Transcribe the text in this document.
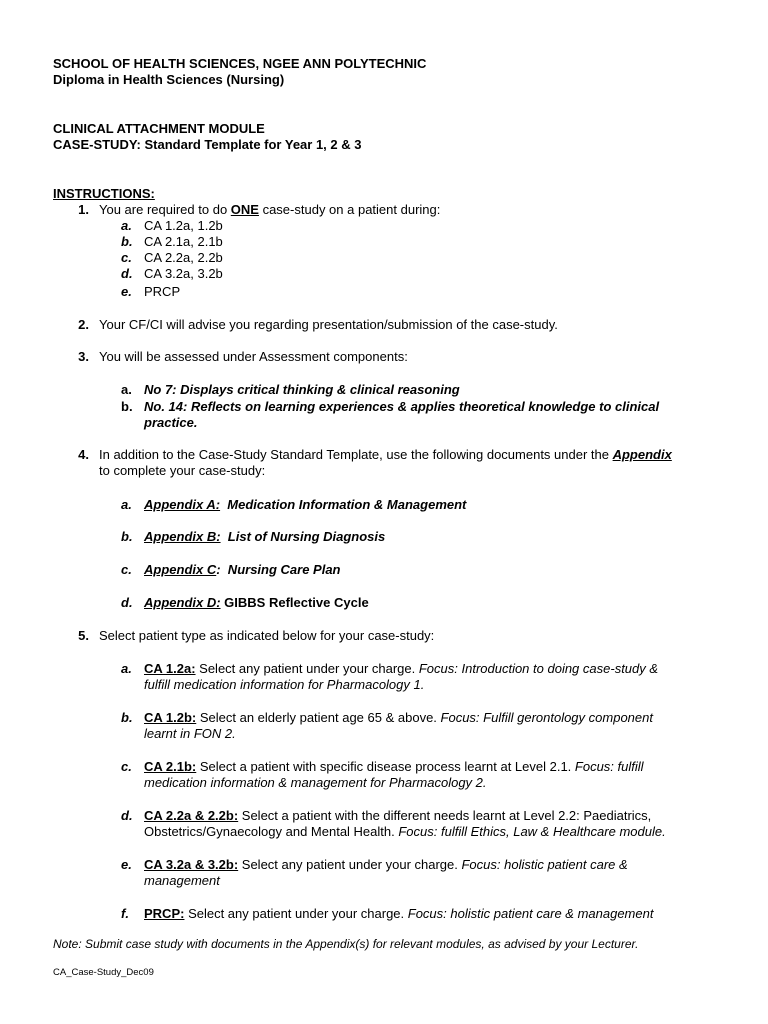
SCHOOL OF HEALTH SCIENCES, NGEE ANN POLYTECHNIC
Diploma in Health Sciences (Nursing)
CLINICAL ATTACHMENT MODULE
CASE-STUDY: Standard Template for Year 1, 2 & 3
INSTRUCTIONS:
1. You are required to do ONE case-study on a patient during:
a. CA 1.2a, 1.2b
b. CA 2.1a, 2.1b
c. CA 2.2a, 2.2b
d. CA 3.2a, 3.2b
e. PRCP
2. Your CF/CI will advise you regarding presentation/submission of the case-study.
3. You will be assessed under Assessment components:
a. No 7: Displays critical thinking & clinical reasoning
b. No. 14: Reflects on learning experiences & applies theoretical knowledge to clinical
practice.
4. In addition to the Case-Study Standard Template, use the following documents under the Appendix
to complete your case-study:
a. Appendix A:  Medication Information & Management
b. Appendix B:  List of Nursing Diagnosis
c. Appendix C:  Nursing Care Plan
d. Appendix D: GIBBS Reflective Cycle
5. Select patient type as indicated below for your case-study:
a. CA 1.2a: Select any patient under your charge. Focus: Introduction to doing case-study &
fulfill medication information for Pharmacology 1.
b. CA 1.2b: Select an elderly patient age 65 & above. Focus: Fulfill gerontology component
learnt in FON 2.
c. CA 2.1b: Select a patient with specific disease process learnt at Level 2.1. Focus: fulfill
medication information & management for Pharmacology 2.
d. CA 2.2a & 2.2b: Select a patient with the different needs learnt at Level 2.2: Paediatrics,
Obstetrics/Gynaecology and Mental Health. Focus: fulfill Ethics, Law & Healthcare module.
e. CA 3.2a & 3.2b: Select any patient under your charge. Focus: holistic patient care &
management
f. PRCP: Select any patient under your charge. Focus: holistic patient care & management
Note: Submit case study with documents in the Appendix(s) for relevant modules, as advised by your Lecturer.
CA_Case-Study_Dec09
